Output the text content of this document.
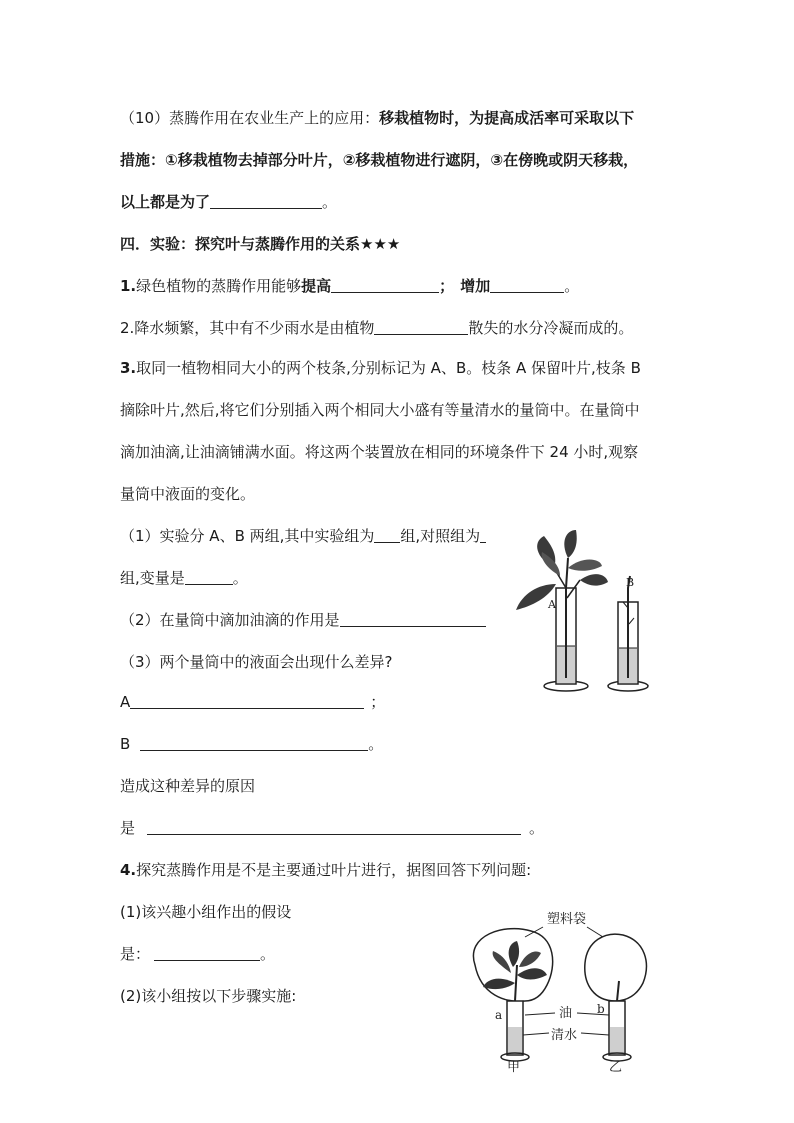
（10）蒸腾作用在农业生产上的应用：移栽植物时，为提高成活率可采取以下
措施：①移栽植物去掉部分叶片，②移栽植物进行遮阴，③在傍晚或阴天移栽，
以上都是为了	。
四．实验：探究叶与蒸腾作用的关系★★★
1.绿色植物的蒸腾作用能够提高	； 增加	。
2.降水频繁，其中有不少雨水是由植物	散失的水分冷凝而成的。
3.取同一植物相同大小的两个枝条,分别标记为 A、B。枝条 A 保留叶片,枝条 B
摘除叶片,然后,将它们分别插入两个相同大小盛有等量清水的量筒中。在量筒中
滴加油滴,让油滴铺满水面。将这两个装置放在相同的环境条件下 24 小时,观察
量筒中液面的变化。
（1）实验分 A、B 两组,其中实验组为 组,对照组为
组,变量是	。
（2）在量筒中滴加油滴的作用是
（3）两个量筒中的液面会出现什么差异?
A	；
B	。
造成这种差异的原因
是	。
4.探究蒸腾作用是不是主要通过叶片进行，据图回答下列问题:
(1)该兴趣小组作出的假设
是：	。
(2)该小组按以下步骤实施:
A
B
塑料袋
油
清水
a	b
甲	乙
